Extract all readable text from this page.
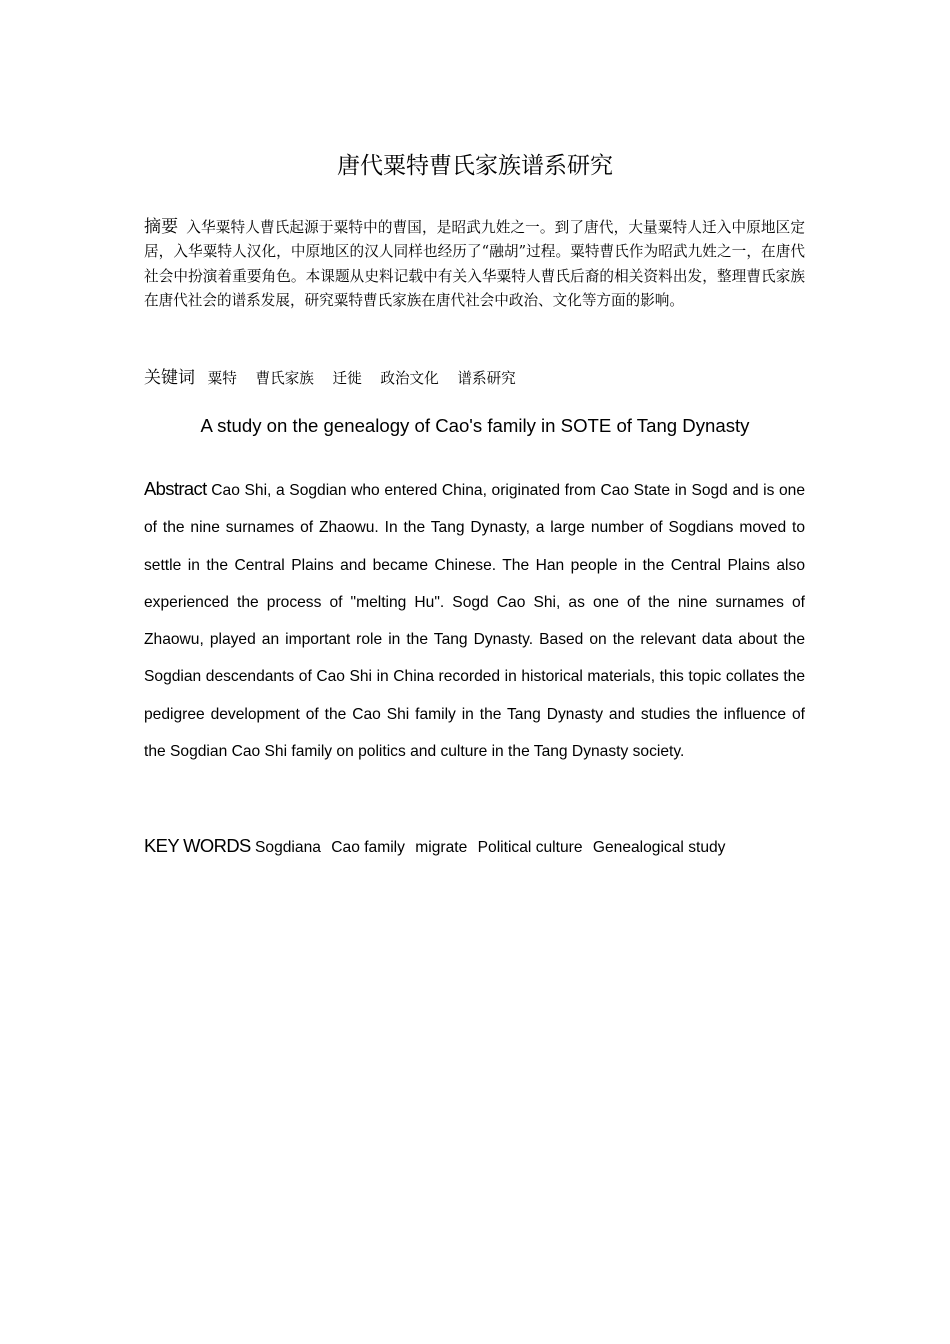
唐代粟特曹氏家族谱系研究
摘要 入华粟特人曹氏起源于粟特中的曹国，是昭武九姓之一。到了唐代，大量粟特人迁入中原地区定居，入华粟特人汉化，中原地区的汉人同样也经历了“融胡”过程。粟特曹氏作为昭武九姓之一，在唐代社会中扮演着重要角色。本课题从史料记载中有关入华粟特人曹氏后裔的相关资料出发，整理曹氏家族在唐代社会的谱系发展，研究粟特曹氏家族在唐代社会中政治、文化等方面的影响。
关键词 粟特 曹氏家族 迁徙 政治文化 谱系研究
A study on the genealogy of Cao's family in SOTE of Tang Dynasty
Abstract Cao Shi, a Sogdian who entered China, originated from Cao State in Sogd and is one of the nine surnames of Zhaowu. In the Tang Dynasty, a large number of Sogdians moved to settle in the Central Plains and became Chinese. The Han people in the Central Plains also experienced the process of "melting Hu". Sogd Cao Shi, as one of the nine surnames of Zhaowu, played an important role in the Tang Dynasty. Based on the relevant data about the Sogdian descendants of Cao Shi in China recorded in historical materials, this topic collates the pedigree development of the Cao Shi family in the Tang Dynasty and studies the influence of the Sogdian Cao Shi family on politics and culture in the Tang Dynasty society.
KEY WORDS Sogdiana Cao family migrate Political culture Genealogical study
